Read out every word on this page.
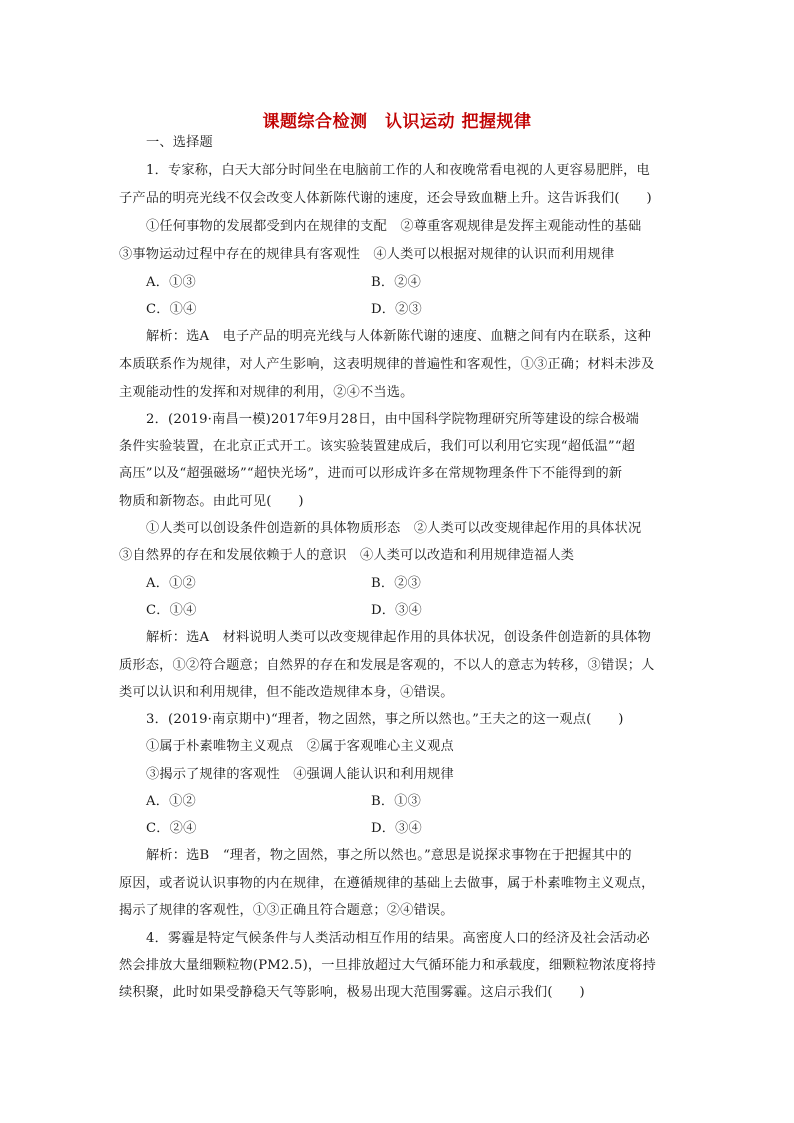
课题综合检测　认识运动 把握规律
一、选择题
1．专家称，白天大部分时间坐在电脑前工作的人和夜晚常看电视的人更容易肥胖，电
子产品的明亮光线不仅会改变人体新陈代谢的速度，还会导致血糖上升。这告诉我们(　　)
①任何事物的发展都受到内在规律的支配　②尊重客观规律是发挥主观能动性的基础
③事物运动过程中存在的规律具有客观性　④人类可以根据对规律的认识而利用规律
A．①③	B．②④
C．①④	D．②③
解析：选A　电子产品的明亮光线与人体新陈代谢的速度、血糖之间有内在联系，这种
本质联系作为规律，对人产生影响，这表明规律的普遍性和客观性，①③正确；材料未涉及
主观能动性的发挥和对规律的利用，②④不当选。
2．(2019·南昌一模)2017年9月28日，由中国科学院物理研究所等建设的综合极端
条件实验装置，在北京正式开工。该实验装置建成后，我们可以利用它实现“超低温”“超
高压”以及“超强磁场”“超快光场”，进而可以形成许多在常规物理条件下不能得到的新
物质和新物态。由此可见(　　)
①人类可以创设条件创造新的具体物质形态　②人类可以改变规律起作用的具体状况
③自然界的存在和发展依赖于人的意识　④人类可以改造和利用规律造福人类
A．①②	B．②③
C．①④	D．③④
解析：选A　材料说明人类可以改变规律起作用的具体状况，创设条件创造新的具体物
质形态，①②符合题意；自然界的存在和发展是客观的，不以人的意志为转移，③错误；人
类可以认识和利用规律，但不能改造规律本身，④错误。
3．(2019·南京期中)“理者，物之固然，事之所以然也。”王夫之的这一观点(　　)
①属于朴素唯物主义观点　②属于客观唯心主义观点
③揭示了规律的客观性　④强调人能认识和利用规律
A．①②	B．①③
C．②④	D．③④
解析：选B　“理者，物之固然，事之所以然也。”意思是说探求事物在于把握其中的
原因，或者说认识事物的内在规律，在遵循规律的基础上去做事，属于朴素唯物主义观点，
揭示了规律的客观性，①③正确且符合题意；②④错误。
4．雾霾是特定气候条件与人类活动相互作用的结果。高密度人口的经济及社会活动必
然会排放大量细颗粒物(PM2.5)，一旦排放超过大气循环能力和承载度，细颗粒物浓度将持
续积聚，此时如果受静稳天气等影响，极易出现大范围雾霾。这启示我们(　　)
